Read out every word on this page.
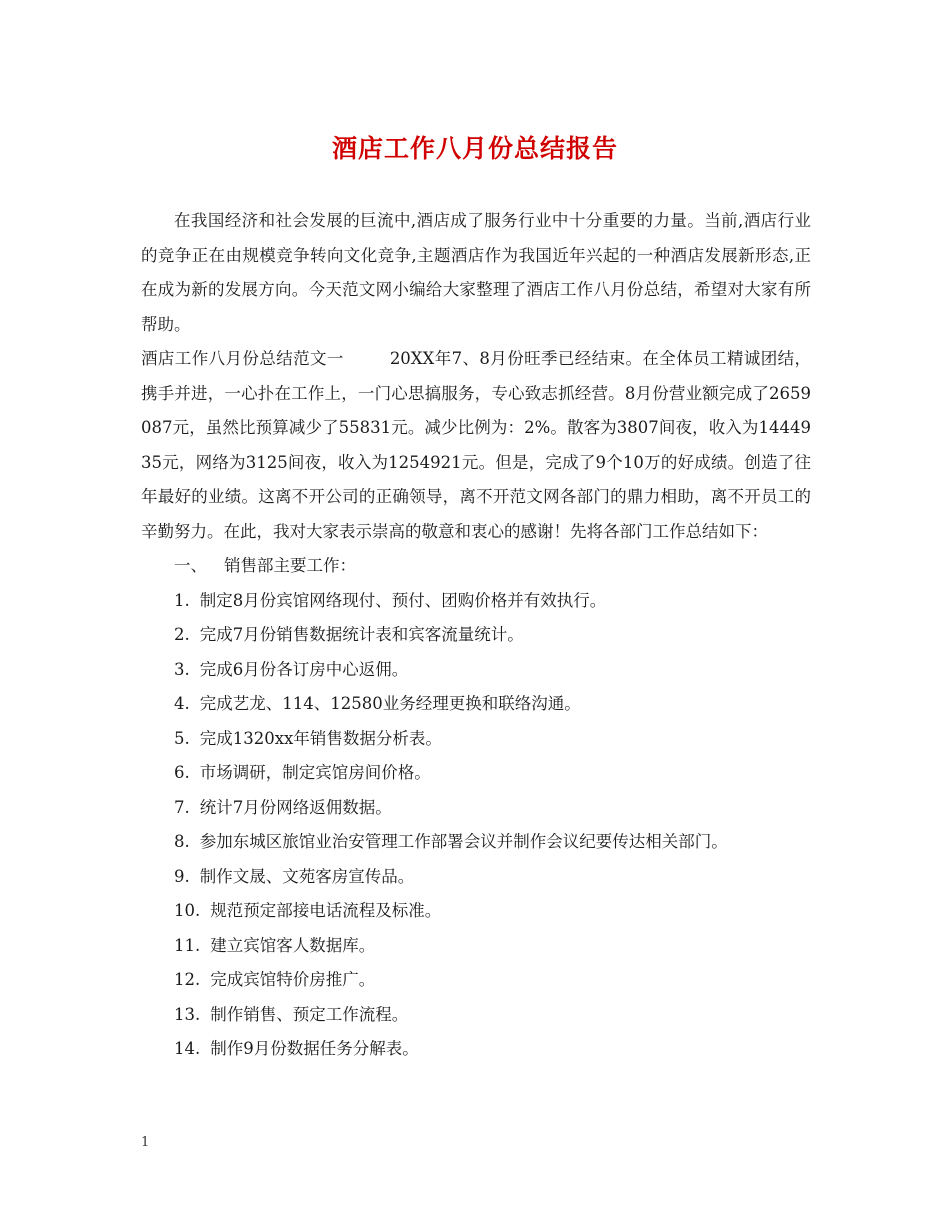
酒店工作八月份总结报告

在我国经济和社会发展的巨流中,酒店成了服务行业中十分重要的力量。当前,酒店行业的竞争正在由规模竞争转向文化竞争,主题酒店作为我国近年兴起的一种酒店发展新形态,正在成为新的发展方向。今天范文网小编给大家整理了酒店工作八月份总结，希望对大家有所帮助。

酒店工作八月份总结范文一	20XX年7、8月份旺季已经结束。在全体员工精诚团结，携手并进，一心扑在工作上，一门心思搞服务，专心致志抓经营。8月份营业额完成了2659087元，虽然比预算减少了55831元。减少比例为：2%。散客为3807间夜，收入为1444935元，网络为3125间夜，收入为1254921元。但是，完成了9个10万的好成绩。创造了往年最好的业绩。这离不开公司的正确领导，离不开范文网各部门的鼎力相助，离不开员工的辛勤努力。在此，我对大家表示崇高的敬意和衷心的感谢！先将各部门工作总结如下：

一、 销售部主要工作：

1. 制定8月份宾馆网络现付、预付、团购价格并有效执行。
2. 完成7月份销售数据统计表和宾客流量统计。
3. 完成6月份各订房中心返佣。
4. 完成艺龙、114、12580业务经理更换和联络沟通。
5. 完成1320xx年销售数据分析表。
6. 市场调研，制定宾馆房间价格。
7. 统计7月份网络返佣数据。
8. 参加东城区旅馆业治安管理工作部署会议并制作会议纪要传达相关部门。
9. 制作文晟、文苑客房宣传品。
10. 规范预定部接电话流程及标准。
11. 建立宾馆客人数据库。
12. 完成宾馆特价房推广。
13. 制作销售、预定工作流程。
14. 制作9月份数据任务分解表。
1
